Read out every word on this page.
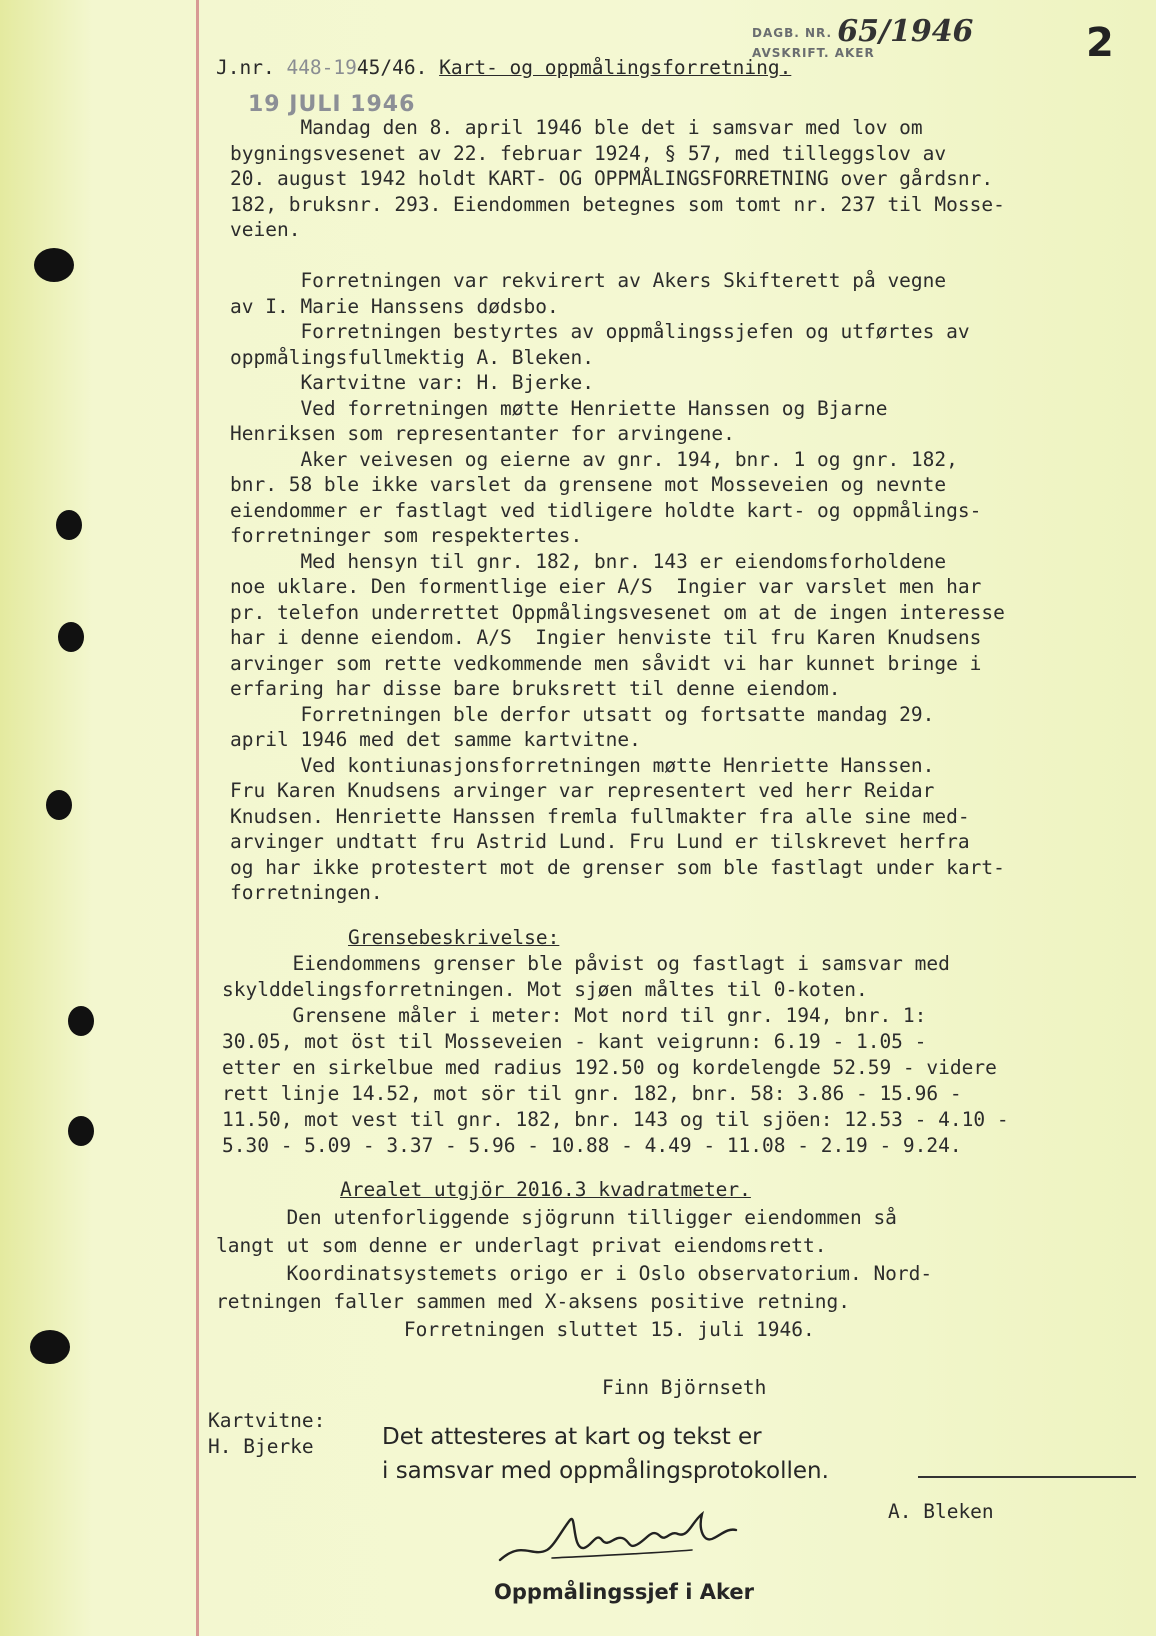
DAGB. NR. 65/1946
AVSKRIFT. AKER	2
J.nr. 448-1945/46. Kart- og oppmålingsforretning.
19 JULI 1946
Mandag den 8. april 1946 ble det i samsvar med lov om
bygningsvesenet av 22. februar 1924, § 57, med tilleggslov av
20. august 1942 holdt KART- OG OPPMÅLINGSFORRETNING over gårdsnr.
182, bruksnr. 293. Eiendommen betegnes som tomt nr. 237 til Mosse-
veien.
Forretningen var rekvirert av Akers Skifterett på vegne
av I. Marie Hanssens dødsbo.
Forretningen bestyrtes av oppmålingssjefen og utførtes av
oppmålingsfullmektig A. Bleken.
Kartvitne var: H. Bjerke.
Ved forretningen møtte Henriette Hanssen og Bjarne
Henriksen som representanter for arvingene.
Aker veivesen og eierne av gnr. 194, bnr. 1 og gnr. 182,
bnr. 58 ble ikke varslet da grensene mot Mosseveien og nevnte
eiendommer er fastlagt ved tidligere holdte kart- og oppmålings-
forretninger som respektertes.
Med hensyn til gnr. 182, bnr. 143 er eiendomsforholdene
noe uklare. Den formentlige eier A/S  Ingier var varslet men har
pr. telefon underrettet Oppmålingsvesenet om at de ingen interesse
har i denne eiendom. A/S  Ingier henviste til fru Karen Knudsens
arvinger som rette vedkommende men såvidt vi har kunnet bringe i
erfaring har disse bare bruksrett til denne eiendom.
Forretningen ble derfor utsatt og fortsatte mandag 29.
april 1946 med det samme kartvitne.
Ved kontiunasjonsforretningen møtte Henriette Hanssen.
Fru Karen Knudsens arvinger var representert ved herr Reidar
Knudsen. Henriette Hanssen fremla fullmakter fra alle sine med-
arvinger undtatt fru Astrid Lund. Fru Lund er tilskrevet herfra
og har ikke protestert mot de grenser som ble fastlagt under kart-
forretningen.
Grensebeskrivelse:
Eiendommens grenser ble påvist og fastlagt i samsvar med
skylddelingsforretningen. Mot sjøen måltes til 0-koten.
Grensene måler i meter: Mot nord til gnr. 194, bnr. 1:
30.05, mot öst til Mosseveien - kant veigrunn: 6.19 - 1.05 -
etter en sirkelbue med radius 192.50 og kordelengde 52.59 - videre
rett linje 14.52, mot sör til gnr. 182, bnr. 58: 3.86 - 15.96 -
11.50, mot vest til gnr. 182, bnr. 143 og til sjöen: 12.53 - 4.10 -
5.30 - 5.09 - 3.37 - 5.96 - 10.88 - 4.49 - 11.08 - 2.19 - 9.24.
Arealet utgjör 2016.3 kvadratmeter.
Den utenforliggende sjögrunn tilligger eiendommen så
langt ut som denne er underlagt privat eiendomsrett.
Koordinatsystemets origo er i Oslo observatorium. Nord-
retningen faller sammen med X-aksens positive retning.
Forretningen sluttet 15. juli 1946.
Finn Björnseth
Kartvitne:
H. Bjerke	Det attesteres at kart og tekst er
i samsvar med oppmålingsprotokollen.
A. Bleken
Oppmålingssjef i Aker
